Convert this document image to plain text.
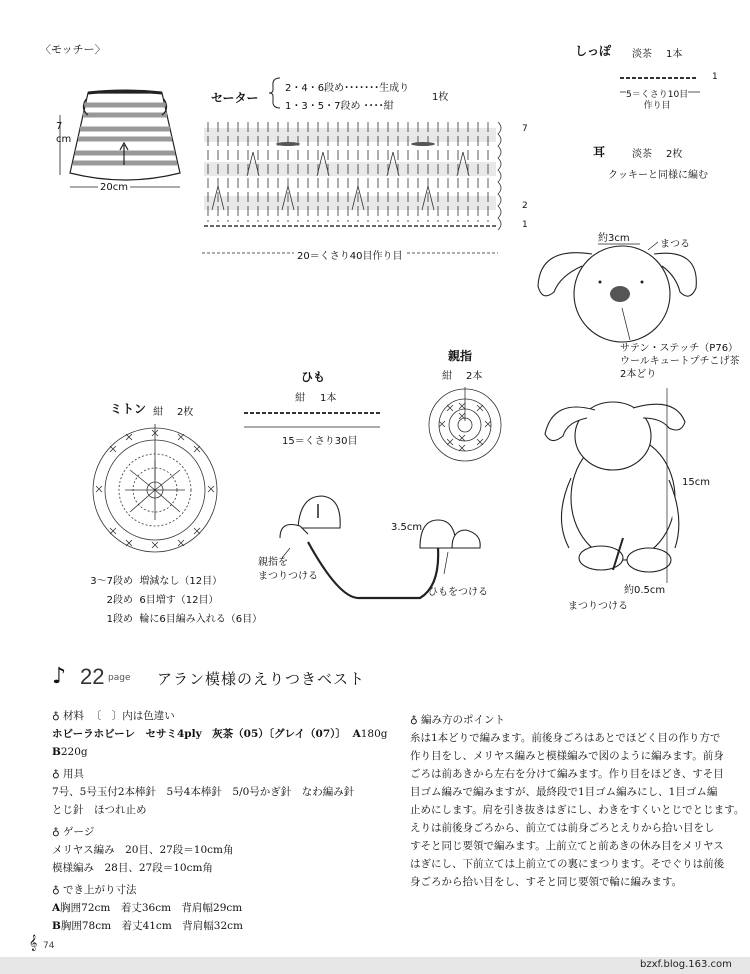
〈モッチー〉
7
cm
20cm
セーター
2・4・6段め･･･････生成り
1・3・5・7段め ････紺
1枚
7
2
1
20＝くさり40目作り目
しっぽ 淡茶 1本
1
5＝くさり10目
作り目
耳	淡茶 2枚
クッキーと同様に編む
約3cm
まつる
サテン・ステッチ（P76）
ウールキュートプチこげ茶
2本どり
15cm
約0.5cm
まつりつける
ひも
紺 1本
15＝くさり30目
親指
紺 2本
ミトン 紺 2枚
3〜7段め 増減なし（12目）
2段め 6目増す（12目）
1段め 輪に6目編み入れる（6目）
3.5cm
親指を
まつりつける
ひもをつける
♪ 22 page アラン模様のえりつきベスト
♁ 材料 〔　〕内は色違い
ホビーラホビーレ　セサミ4ply　灰茶（05）〔グレイ（07）〕 A180g
B220g
♁ 用具
7号、5号玉付2本棒針　5号4本棒針　5/0号かぎ針　なわ編み針
とじ針　ほつれ止め
♁ ゲージ
メリヤス編み　20目、27段＝10cm角
模様編み　28目、27段＝10cm角
♁ でき上がり寸法
A胸囲72cm　着丈36cm　背肩幅29cm
B胸囲78cm　着丈41cm　背肩幅32cm
♁ 編み方のポイント
糸は1本どりで編みます。前後身ごろはあとでほどく目の作り方で
作り目をし、メリヤス編みと模様編みで図のように編みます。前身
ごろは前あきから左右を分けて編みます。作り目をほどき、すそ目
目ゴム編みで編みますが、最終段で1目ゴム編みにし、1目ゴム編
止めにします。肩を引き抜きはぎにし、わきをすくいとじでとじます。
えりは前後身ごろから、前立ては前身ごろとえりから拾い目をし
すそと同じ要領で編みます。上前立てと前あきの休み目をメリヤス
はぎにし、下前立ては上前立ての裏にまつります。そでぐりは前後
身ごろから拾い目をし、すそと同じ要領で輪に編みます。
𝄞 74
bzxf.blog.163.com
